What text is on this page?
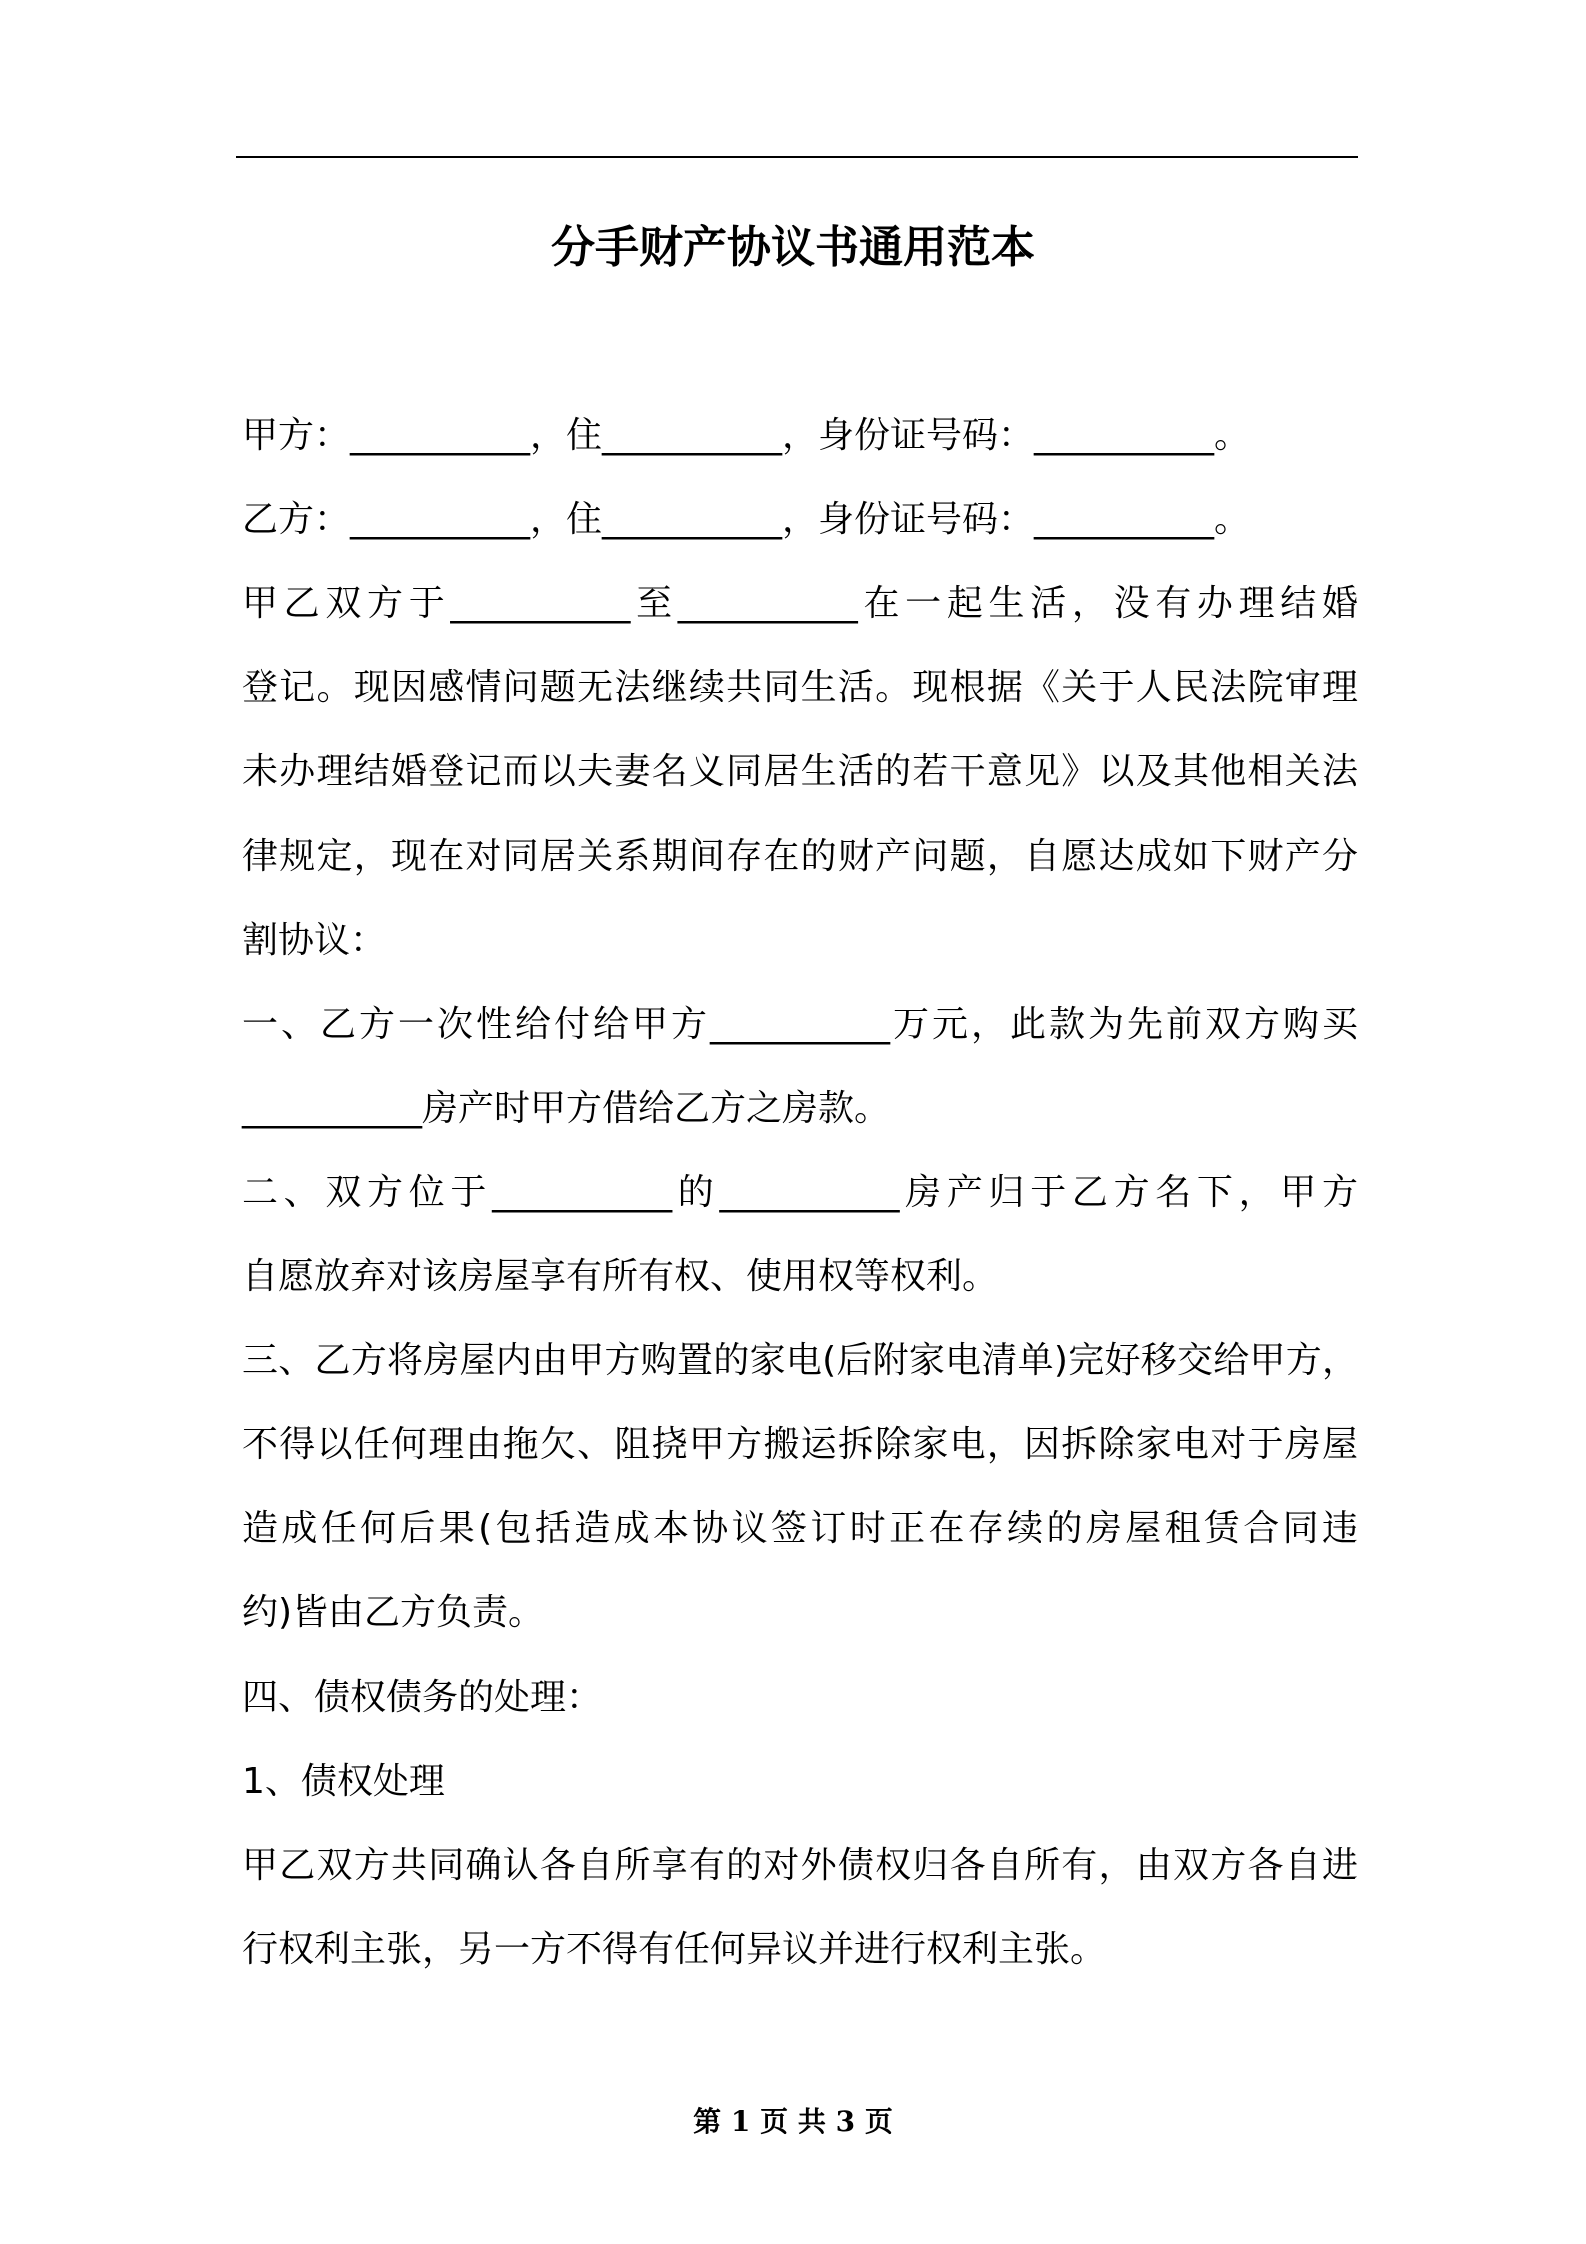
分手财产协议书通用范本
甲方：__________，住__________，身份证号码：__________。
乙方：__________，住__________，身份证号码：__________。
甲乙双方于__________至__________在一起生活，没有办理结婚
登记。现因感情问题无法继续共同生活。现根据《关于人民法院审理
未办理结婚登记而以夫妻名义同居生活的若干意见》以及其他相关法
律规定，现在对同居关系期间存在的财产问题，自愿达成如下财产分
割协议：
一、乙方一次性给付给甲方__________万元，此款为先前双方购买
__________房产时甲方借给乙方之房款。
二、双方位于__________的__________房产归于乙方名下，甲方
自愿放弃对该房屋享有所有权、使用权等权利。
三、乙方将房屋内由甲方购置的家电(后附家电清单)完好移交给甲方，
不得以任何理由拖欠、阻挠甲方搬运拆除家电，因拆除家电对于房屋
造成任何后果(包括造成本协议签订时正在存续的房屋租赁合同违
约)皆由乙方负责。
四、债权债务的处理：
1、债权处理
甲乙双方共同确认各自所享有的对外债权归各自所有，由双方各自进
行权利主张，另一方不得有任何异议并进行权利主张。
第 1 页 共 3 页
